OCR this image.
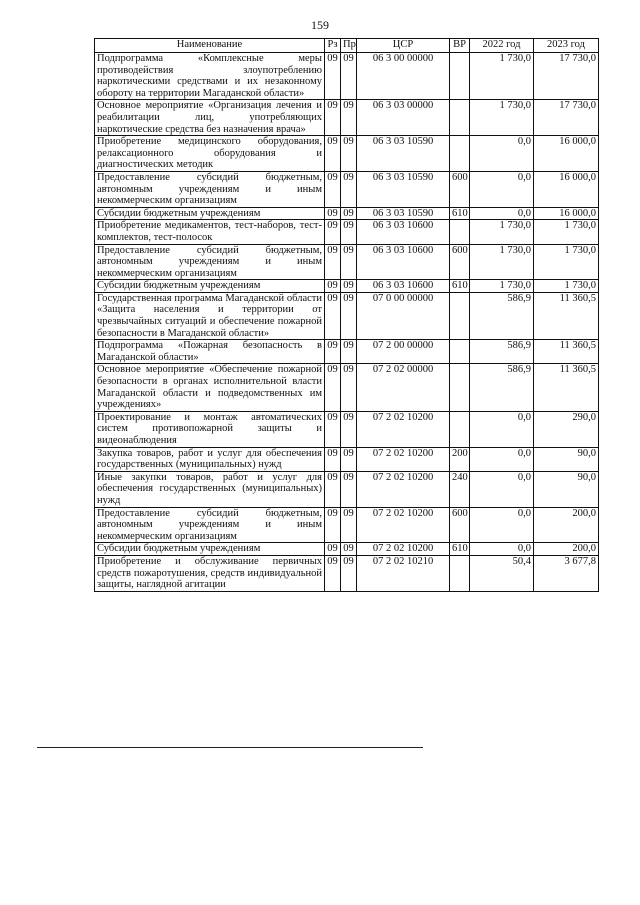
159
Наименование	Рз	Пр	ЦСР	ВР	2022 год	2023 год
Подпрограмма «Комплексные меры противодействия злоупотреблению наркотическими средствами и их незаконному обороту на территории Магаданской области»	09	09	06 3 00 00000		1 730,0	17 730,0
Основное мероприятие «Организация лечения и реабилитации лиц, употребляющих наркотические средства без назначения врача»	09	09	06 3 03 00000		1 730,0	17 730,0
Приобретение медицинского оборудования, релаксационного оборудования и диагностических методик	09	09	06 3 03 10590		0,0	16 000,0
Предоставление субсидий бюджетным, автономным учреждениям и иным некоммерческим организациям	09	09	06 3 03 10590	600	0,0	16 000,0
Субсидии бюджетным учреждениям	09	09	06 3 03 10590	610	0,0	16 000,0
Приобретение медикаментов, тест-наборов, тест-комплектов, тест-полосок	09	09	06 3 03 10600		1 730,0	1 730,0
Предоставление субсидий бюджетным, автономным учреждениям и иным некоммерческим организациям	09	09	06 3 03 10600	600	1 730,0	1 730,0
Субсидии бюджетным учреждениям	09	09	06 3 03 10600	610	1 730,0	1 730,0
Государственная программа Магаданской области «Защита населения и территории от чрезвычайных ситуаций и обеспечение пожарной безопасности в Магаданской области»	09	09	07 0 00 00000		586,9	11 360,5
Подпрограмма «Пожарная безопасность в Магаданской области»	09	09	07 2 00 00000		586,9	11 360,5
Основное мероприятие «Обеспечение пожарной безопасности в органах исполнительной власти Магаданской области и подведомственных им учреждениях»	09	09	07 2 02 00000		586,9	11 360,5
Проектирование и монтаж автоматических систем противопожарной защиты и видеонаблюдения	09	09	07 2 02 10200		0,0	290,0
Закупка товаров, работ и услуг для обеспечения государственных (муниципальных) нужд	09	09	07 2 02 10200	200	0,0	90,0
Иные закупки товаров, работ и услуг для обеспечения государственных (муниципальных) нужд	09	09	07 2 02 10200	240	0,0	90,0
Предоставление субсидий бюджетным, автономным учреждениям и иным некоммерческим организациям	09	09	07 2 02 10200	600	0,0	200,0
Субсидии бюджетным учреждениям	09	09	07 2 02 10200	610	0,0	200,0
Приобретение и обслуживание первичных средств пожаротушения, средств индивидуальной защиты, наглядной агитации	09	09	07 2 02 10210		50,4	3 677,8
